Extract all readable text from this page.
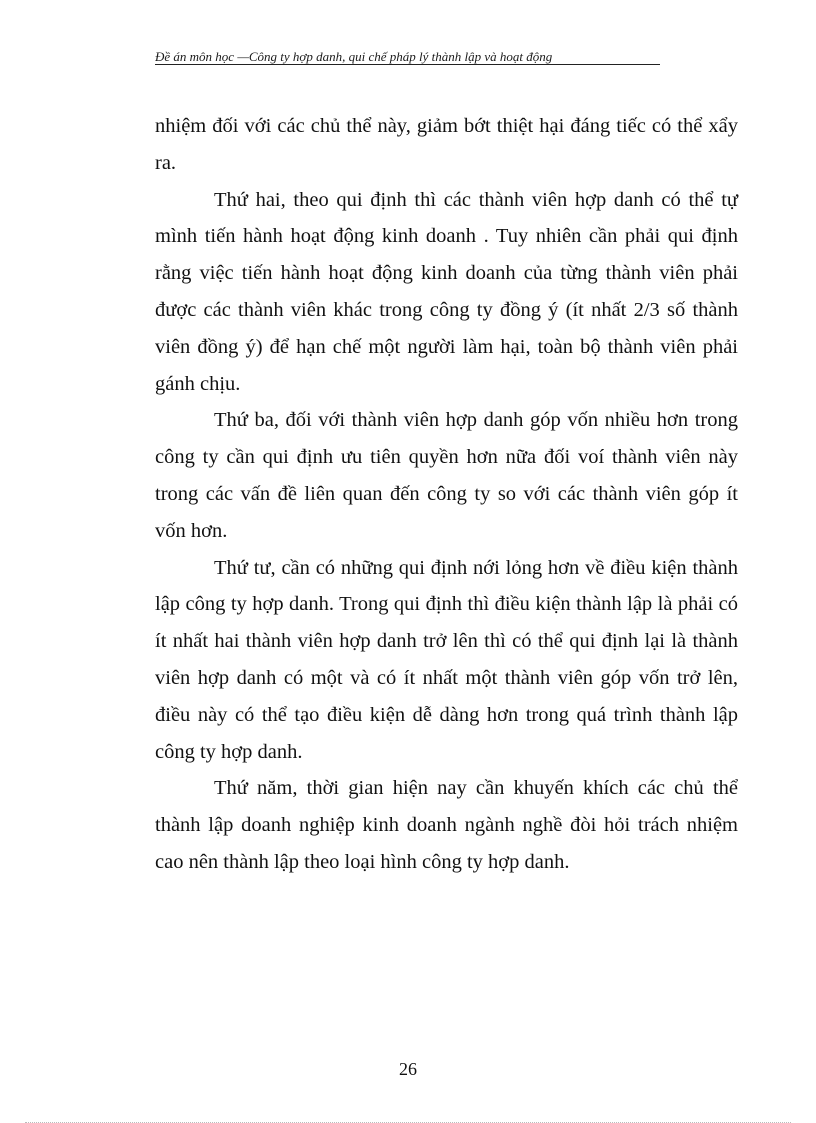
Đề án môn học —Công ty hợp danh, qui chế pháp lý thành lập và hoạt động

nhiệm đối với các chủ thể này, giảm bớt thiệt hại đáng tiếc có thể xẩy ra.

Thứ hai, theo qui định thì các thành viên hợp danh có thể tự mình tiến hành hoạt động kinh doanh . Tuy nhiên cần phải qui định rằng việc tiến hành hoạt động kinh doanh của từng thành viên phải được các thành viên khác trong công ty đồng ý (ít nhất 2/3 số thành viên đồng ý) để hạn chế một người làm hại, toàn bộ thành viên phải gánh chịu.

Thứ ba, đối với thành viên hợp danh góp vốn nhiều hơn trong công ty cần qui định ưu tiên quyền hơn nữa đối voí thành viên này trong các vấn đề liên quan đến công ty so với các thành viên góp ít vốn hơn.

Thứ tư, cần có những qui định nới lỏng hơn về điều kiện thành lập công ty hợp danh. Trong qui định thì điều kiện thành lập là phải có ít nhất hai thành viên hợp danh trở lên thì có thể qui định lại là thành viên hợp danh có một và có ít nhất một thành viên góp vốn trở lên, điều này có thể tạo điều kiện dễ dàng hơn trong quá trình thành lập công ty hợp danh.

Thứ năm, thời gian hiện nay cần khuyến khích các chủ thể thành lập doanh nghiệp kinh doanh ngành nghề đòi hỏi trách nhiệm cao nên thành lập theo loại hình công ty hợp danh.

26
